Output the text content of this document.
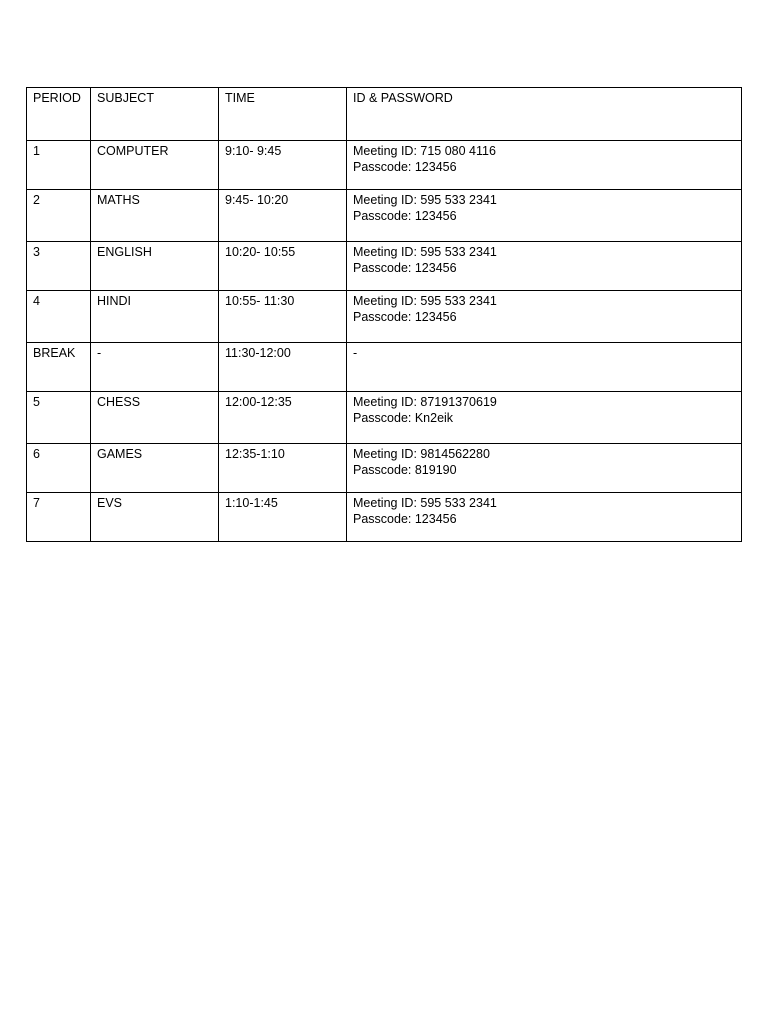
PERIOD	SUBJECT	TIME	ID & PASSWORD
1	COMPUTER	9:10- 9:45	Meeting ID: 715 080 4116
Passcode: 123456

2	MATHS	9:45- 10:20	Meeting ID: 595 533 2341
Passcode: 123456

3	ENGLISH	10:20- 10:55	Meeting ID: 595 533 2341
Passcode: 123456

4	HINDI	10:55- 11:30	Meeting ID: 595 533 2341
Passcode: 123456

BREAK	-	11:30-12:00	-

5	CHESS	12:00-12:35	Meeting ID: 87191370619
Passcode: Kn2eik

6	GAMES	12:35-1:10	Meeting ID: 9814562280
Passcode: 819190

7	EVS	1:10-1:45	Meeting ID: 595 533 2341
Passcode: 123456
